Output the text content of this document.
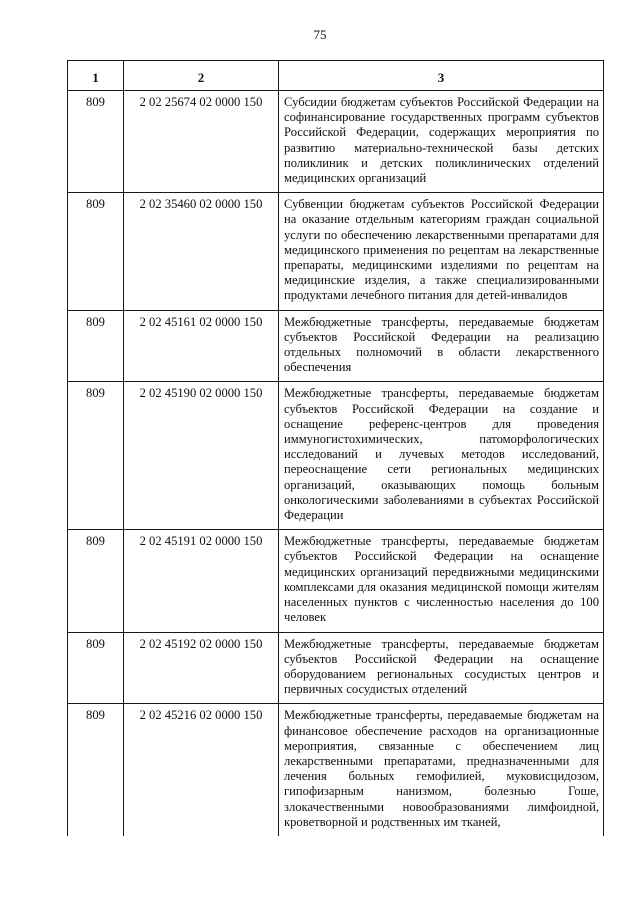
75
1	2	3
809	2 02 25674 02 0000 150	Субсидии бюджетам субъектов Российской Федерации на софинансирование государственных программ субъектов Российской Федерации, содержащих мероприятия по развитию материально-технической базы детских поликлиник и детских поликлинических отделений медицинских организаций
809	2 02 35460 02 0000 150	Субвенции бюджетам субъектов Российской Федерации на оказание отдельным категориям граждан социальной услуги по обеспечению лекарственными препаратами для медицинского применения по рецептам на лекарственные препараты, медицинскими изделиями по рецептам на медицинские изделия, а также специализированными продуктами лечебного питания для детей-инвалидов
809	2 02 45161 02 0000 150	Межбюджетные трансферты, передаваемые бюджетам субъектов Российской Федерации на реализацию отдельных полномочий в области лекарственного обеспечения
809	2 02 45190 02 0000 150	Межбюджетные трансферты, передаваемые бюджетам субъектов Российской Федерации на создание и оснащение референс-центров для проведения иммуногистохимических, патоморфологических исследований и лучевых методов исследований, переоснащение сети региональных медицинских организаций, оказывающих помощь больным онкологическими заболеваниями в субъектах Российской Федерации
809	2 02 45191 02 0000 150	Межбюджетные трансферты, передаваемые бюджетам субъектов Российской Федерации на оснащение медицинских организаций передвижными медицинскими комплексами для оказания медицинской помощи жителям населенных пунктов с численностью населения до 100 человек
809	2 02 45192 02 0000 150	Межбюджетные трансферты, передаваемые бюджетам субъектов Российской Федерации на оснащение оборудованием региональных сосудистых центров и первичных сосудистых отделений
809	2 02 45216 02 0000 150	Межбюджетные трансферты, передаваемые бюджетам на финансовое обеспечение расходов на организационные мероприятия, связанные с обеспечением лиц лекарственными препаратами, предназначенными для лечения больных гемофилией, муковисцидозом, гипофизарным нанизмом, болезнью Гоше, злокачественными новообразованиями лимфоидной, кроветворной и родственных им тканей,
